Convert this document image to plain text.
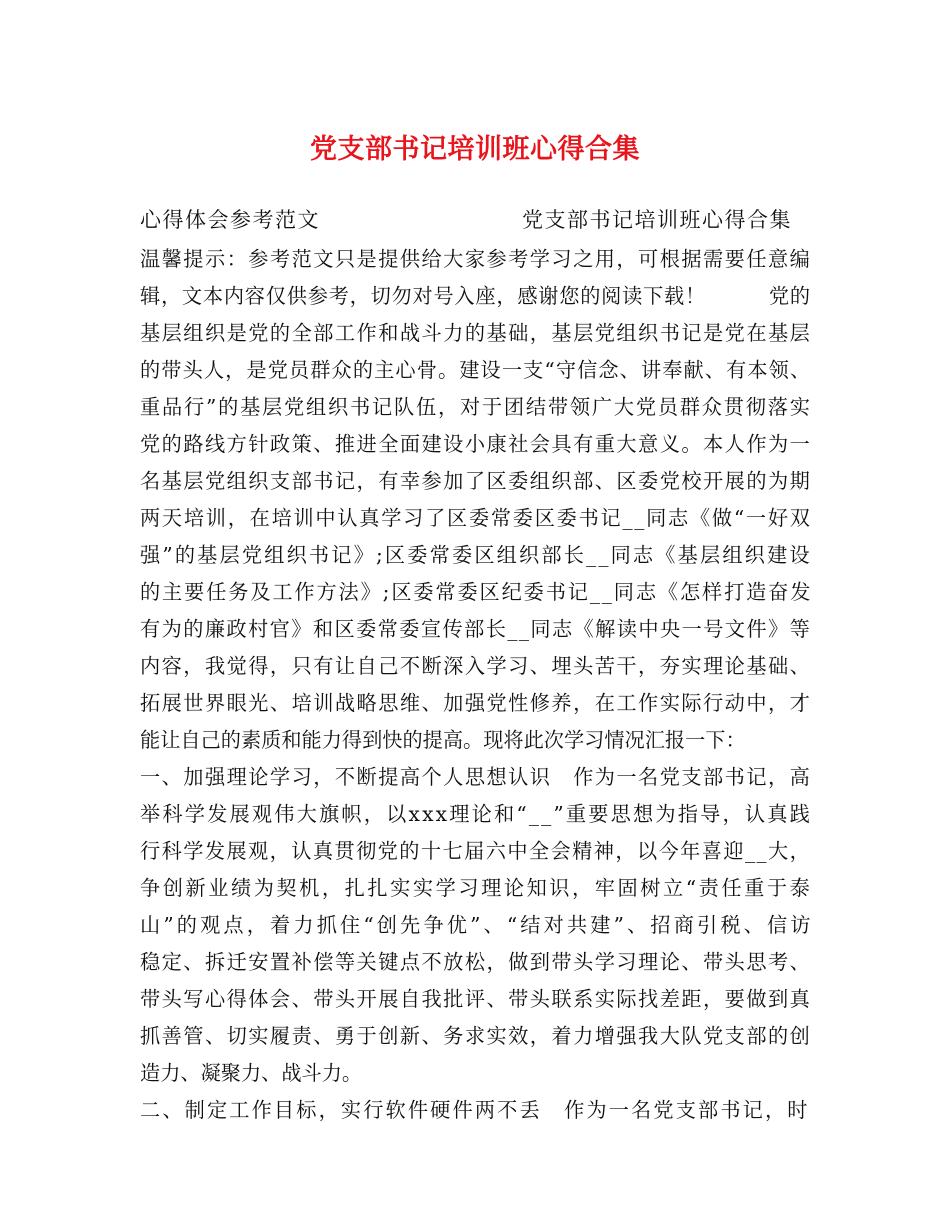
党支部书记培训班心得合集
心得体会参考范文	党支部书记培训班心得合集
温馨提示：参考范文只是提供给大家参考学习之用，可根据需要任意编
辑，文本内容仅供参考，切勿对号入座，感谢您的阅读下载！　　　党的
基层组织是党的全部工作和战斗力的基础，基层党组织书记是党在基层
的带头人，是党员群众的主心骨。建设一支“守信念、讲奉献、有本领、
重品行”的基层党组织书记队伍，对于团结带领广大党员群众贯彻落实
党的路线方针政策、推进全面建设小康社会具有重大意义。本人作为一
名基层党组织支部书记，有幸参加了区委组织部、区委党校开展的为期
两天培训，在培训中认真学习了区委常委区委书记__同志《做“一好双
强”的基层党组织书记》;区委常委区组织部长__同志《基层组织建设
的主要任务及工作方法》;区委常委区纪委书记__同志《怎样打造奋发
有为的廉政村官》和区委常委宣传部长__同志《解读中央一号文件》等
内容，我觉得，只有让自己不断深入学习、埋头苦干，夯实理论基础、
拓展世界眼光、培训战略思维、加强党性修养，在工作实际行动中，才
能让自己的素质和能力得到快的提高。现将此次学习情况汇报一下：
一、加强理论学习，不断提高个人思想认识　作为一名党支部书记，高
举科学发展观伟大旗帜，以xxx理论和“__”重要思想为指导，认真践
行科学发展观，认真贯彻党的十七届六中全会精神，以今年喜迎__大，
争创新业绩为契机，扎扎实实学习理论知识，牢固树立“责任重于泰
山”的观点，着力抓住“创先争优”、“结对共建”、招商引税、信访
稳定、拆迁安置补偿等关键点不放松，做到带头学习理论、带头思考、
带头写心得体会、带头开展自我批评、带头联系实际找差距，要做到真
抓善管、切实履责、勇于创新、务求实效，着力增强我大队党支部的创
造力、凝聚力、战斗力。
二、制定工作目标，实行软件硬件两不丢　作为一名党支部书记，时
